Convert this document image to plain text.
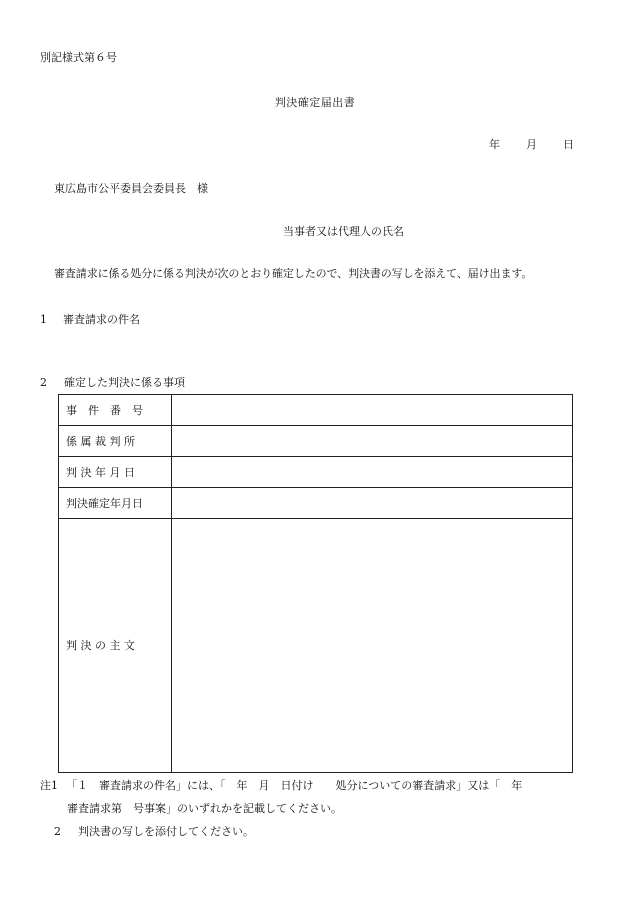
別記様式第６号
判決確定届出書
年 月 日
東広島市公平委員会委員長　様
当事者又は代理人の氏名
審査請求に係る処分に係る判決が次のとおり確定したので、判決書の写しを添えて、届け出ます。
1 審査請求の件名
2 確定した判決に係る事項
事　件　番　号	
係 属 裁 判 所	
判 決 年 月 日	
判決確定年月日	
判 決 の 主 文	
注1 「１　審査請求の件名」には、「　年　月　日付け　　処分についての審査請求」又は「　年
審査請求第　号事案」のいずれかを記載してください。
2 判決書の写しを添付してください。
